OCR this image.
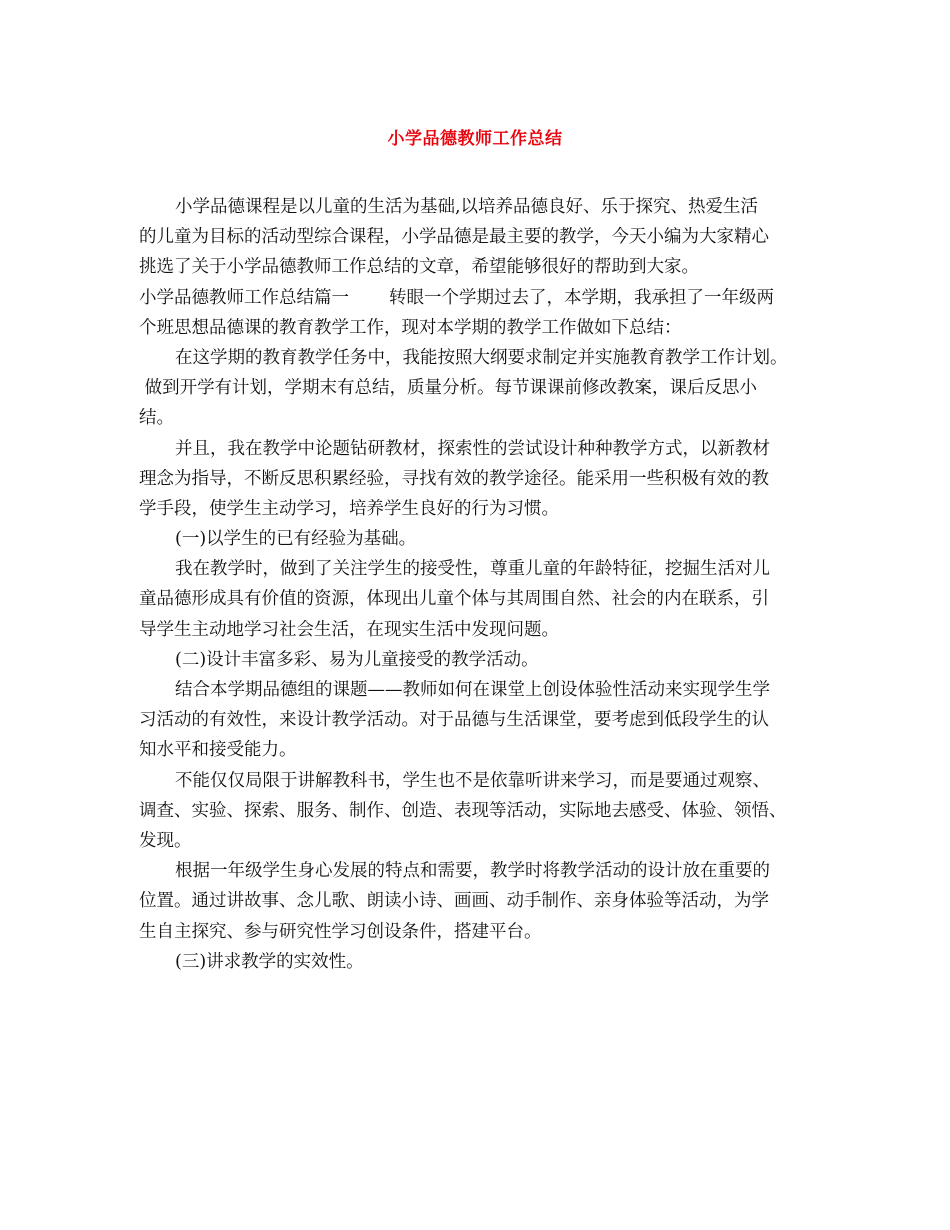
小学品德教师工作总结
小学品德课程是以儿童的生活为基础,以培养品德良好、乐于探究、热爱生活
的儿童为目标的活动型综合课程，小学品德是最主要的教学，今天小编为大家精心
挑选了关于小学品德教师工作总结的文章，希望能够很好的帮助到大家。
小学品德教师工作总结篇一 转眼一个学期过去了，本学期，我承担了一年级两
个班思想品德课的教育教学工作，现对本学期的教学工作做如下总结：
在这学期的教育教学任务中，我能按照大纲要求制定并实施教育教学工作计划。
做到开学有计划，学期末有总结，质量分析。每节课课前修改教案，课后反思小
结。
并且，我在教学中论题钻研教材，探索性的尝试设计种种教学方式，以新教材
理念为指导，不断反思积累经验，寻找有效的教学途径。能采用一些积极有效的教
学手段，使学生主动学习，培养学生良好的行为习惯。
(一)以学生的已有经验为基础。
我在教学时，做到了关注学生的接受性，尊重儿童的年龄特征，挖掘生活对儿
童品德形成具有价值的资源，体现出儿童个体与其周围自然、社会的内在联系，引
导学生主动地学习社会生活，在现实生活中发现问题。
(二)设计丰富多彩、易为儿童接受的教学活动。
结合本学期品德组的课题——教师如何在课堂上创设体验性活动来实现学生学
习活动的有效性，来设计教学活动。对于品德与生活课堂，要考虑到低段学生的认
知水平和接受能力。
不能仅仅局限于讲解教科书，学生也不是依靠听讲来学习，而是要通过观察、
调查、实验、探索、服务、制作、创造、表现等活动，实际地去感受、体验、领悟、
发现。
根据一年级学生身心发展的特点和需要，教学时将教学活动的设计放在重要的
位置。通过讲故事、念儿歌、朗读小诗、画画、动手制作、亲身体验等活动，为学
生自主探究、参与研究性学习创设条件，搭建平台。
(三)讲求教学的实效性。
